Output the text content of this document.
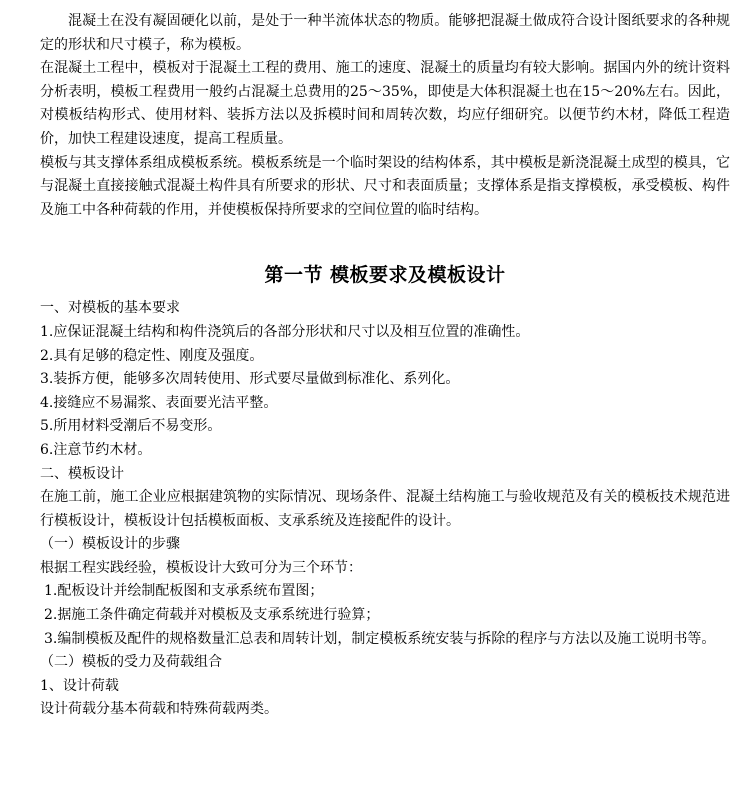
混凝土在没有凝固硬化以前，是处于一种半流体状态的物质。能够把混凝土做成符合设计图纸要求的各种规定的形状和尺寸模子，称为模板。

在混凝土工程中，模板对于混凝土工程的费用、施工的速度、混凝土的质量均有较大影响。据国内外的统计资料分析表明，模板工程费用一般约占混凝土总费用的25～35%，即使是大体积混凝土也在15～20%左右。因此，对模板结构形式、使用材料、装拆方法以及拆模时间和周转次数，均应仔细研究。以便节约木材，降低工程造价，加快工程建设速度，提高工程质量。

模板与其支撑体系组成模板系统。模板系统是一个临时架设的结构体系，其中模板是新浇混凝土成型的模具，它与混凝土直接接触式混凝土构件具有所要求的形状、尺寸和表面质量；支撑体系是指支撑模板，承受模板、构件及施工中各种荷载的作用，并使模板保持所要求的空间位置的临时结构。

第一节 模板要求及模板设计

一、对模板的基本要求

1.应保证混凝土结构和构件浇筑后的各部分形状和尺寸以及相互位置的准确性。

2.具有足够的稳定性、刚度及强度。

3.装拆方便，能够多次周转使用、形式要尽量做到标准化、系列化。

4.接缝应不易漏浆、表面要光洁平整。

5.所用材料受潮后不易变形。

6.注意节约木材。

二、模板设计

在施工前，施工企业应根据建筑物的实际情况、现场条件、混凝土结构施工与验收规范及有关的模板技术规范进行模板设计，模板设计包括模板面板、支承系统及连接配件的设计。

（一）模板设计的步骤

根据工程实践经验，模板设计大致可分为三个环节：

1.配板设计并绘制配板图和支承系统布置图；

2.据施工条件确定荷载并对模板及支承系统进行验算；

3.编制模板及配件的规格数量汇总表和周转计划，制定模板系统安装与拆除的程序与方法以及施工说明书等。

（二）模板的受力及荷载组合

1、设计荷载

设计荷载分基本荷载和特殊荷载两类。
